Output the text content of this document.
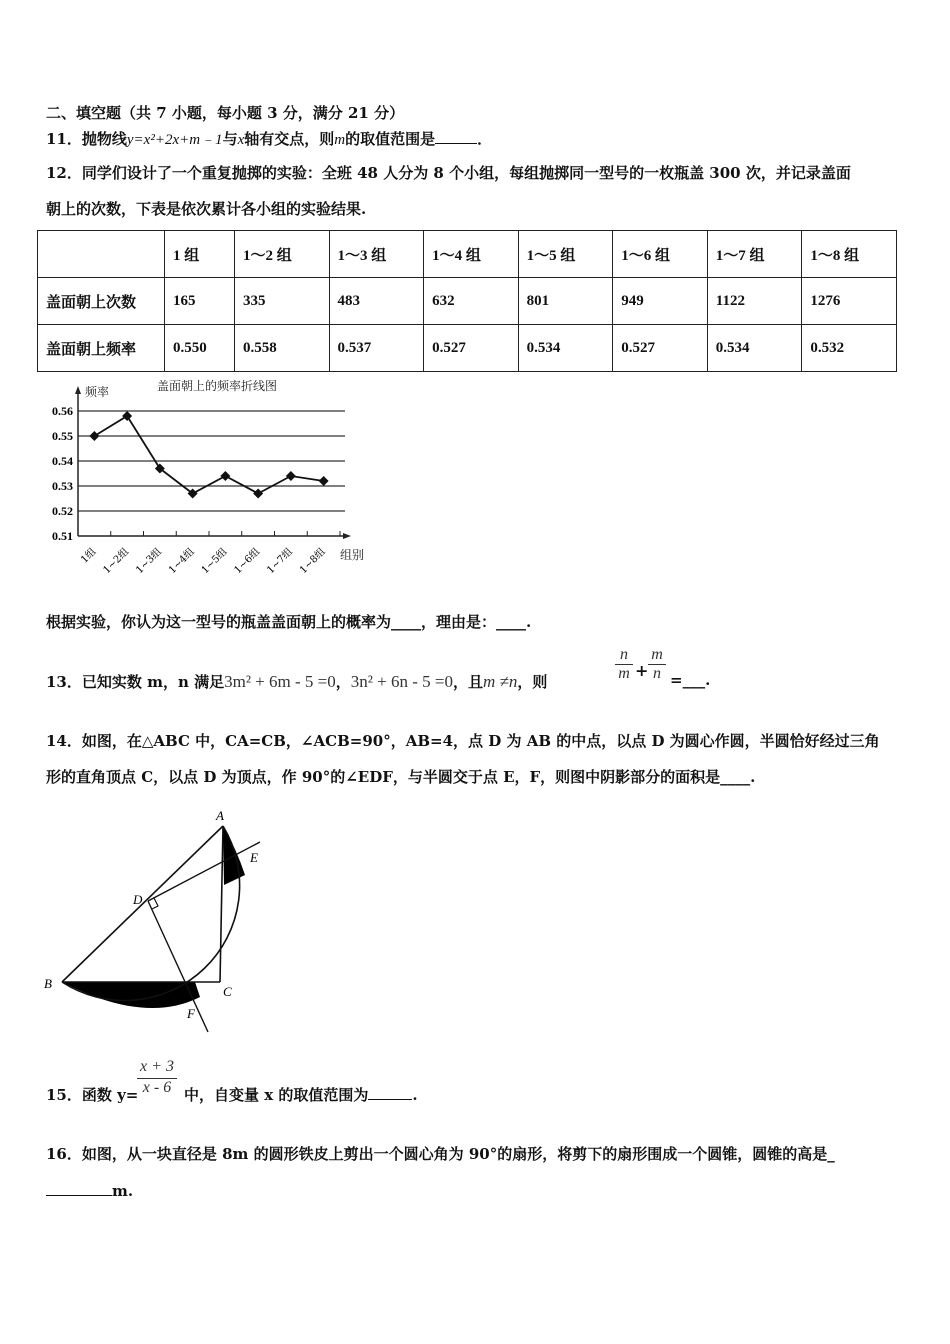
二、填空题（共 7 小题，每小题 3 分，满分 21 分）
11．抛物线y=x²+2x+m﹣1与x轴有交点，则m的取值范围是	．
12．同学们设计了一个重复抛掷的实验：全班 48 人分为 8 个小组，每组抛掷同一型号的一枚瓶盖 300 次，并记录盖面
朝上的次数，下表是依次累计各小组的实验结果.
	1 组	1～2 组	1～3 组	1～4 组	1～5 组	1～6 组	1～7 组	1～8 组
盖面朝上次数	165	335	483	632	801	949	1122	1276
盖面朝上频率	0.550	0.558	0.537	0.527	0.534	0.527	0.534	0.532
盖面朝上的频率折线图
频率
组别
0.56
0.55
0.54
0.53
0.52
0.51
1组 1~2组 1~3组 1~4组 1~5组 1~6组 1~7组 1~8组
根据实验，你认为这一型号的瓶盖盖面朝上的概率为____，理由是：____.
13．已知实数 m，n 满足3m² + 6m - 5 =0，3n² + 6n - 5 =0，且m ≠n，则	$\frac{n}{m} + \frac{m}{n}$ =___.
14．如图，在△ABC 中，CA=CB，∠ACB=90°，AB=4，点 D 为 AB 的中点，以点 D 为圆心作圆，半圆恰好经过三角
形的直角顶点 C，以点 D 为顶点，作 90°的∠EDF，与半圆交于点 E，F，则图中阴影部分的面积是____.
A
E
D
B
C
F
15．函数 y=
$\frac{x + 3}{x - 6}$ 中，自变量 x 的取值范围为	.
16．如图，从一块直径是 8m 的圆形铁皮上剪出一个圆心角为 90°的扇形，将剪下的扇形围成一个圆锥，圆锥的高是_
m.
